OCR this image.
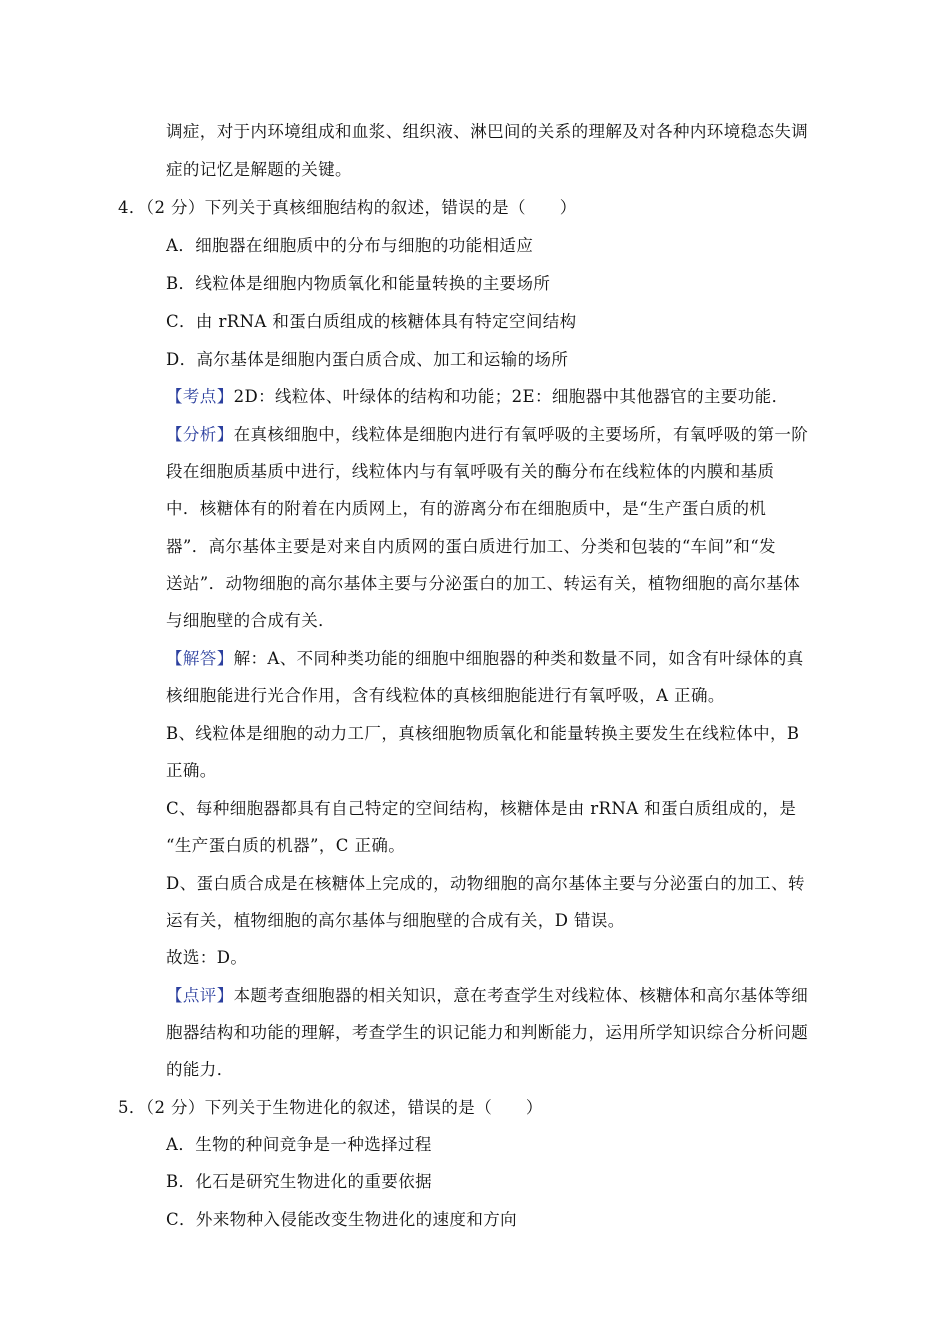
调症，对于内环境组成和血浆、组织液、淋巴间的关系的理解及对各种内环境稳态失调
症的记忆是解题的关键。
4．（2 分）下列关于真核细胞结构的叙述，错误的是（　　）
A．细胞器在细胞质中的分布与细胞的功能相适应
B．线粒体是细胞内物质氧化和能量转换的主要场所
C．由 rRNA 和蛋白质组成的核糖体具有特定空间结构
D．高尔基体是细胞内蛋白质合成、加工和运输的场所
【考点】2D：线粒体、叶绿体的结构和功能；2E：细胞器中其他器官的主要功能．
【分析】在真核细胞中，线粒体是细胞内进行有氧呼吸的主要场所，有氧呼吸的第一阶
段在细胞质基质中进行，线粒体内与有氧呼吸有关的酶分布在线粒体的内膜和基质
中．核糖体有的附着在内质网上，有的游离分布在细胞质中，是“生产蛋白质的机
器”．高尔基体主要是对来自内质网的蛋白质进行加工、分类和包装的“车间”和“发
送站”．动物细胞的高尔基体主要与分泌蛋白的加工、转运有关，植物细胞的高尔基体
与细胞壁的合成有关．
【解答】解：A、不同种类功能的细胞中细胞器的种类和数量不同，如含有叶绿体的真
核细胞能进行光合作用，含有线粒体的真核细胞能进行有氧呼吸，A 正确。
B、线粒体是细胞的动力工厂，真核细胞物质氧化和能量转换主要发生在线粒体中，B
正确。
C、每种细胞器都具有自己特定的空间结构，核糖体是由 rRNA 和蛋白质组成的，是
“生产蛋白质的机器”，C 正确。
D、蛋白质合成是在核糖体上完成的，动物细胞的高尔基体主要与分泌蛋白的加工、转
运有关，植物细胞的高尔基体与细胞壁的合成有关，D 错误。
故选：D。
【点评】本题考查细胞器的相关知识，意在考查学生对线粒体、核糖体和高尔基体等细
胞器结构和功能的理解，考查学生的识记能力和判断能力，运用所学知识综合分析问题
的能力．
5．（2 分）下列关于生物进化的叙述，错误的是（　　）
A．生物的种间竞争是一种选择过程
B．化石是研究生物进化的重要依据
C．外来物种入侵能改变生物进化的速度和方向
